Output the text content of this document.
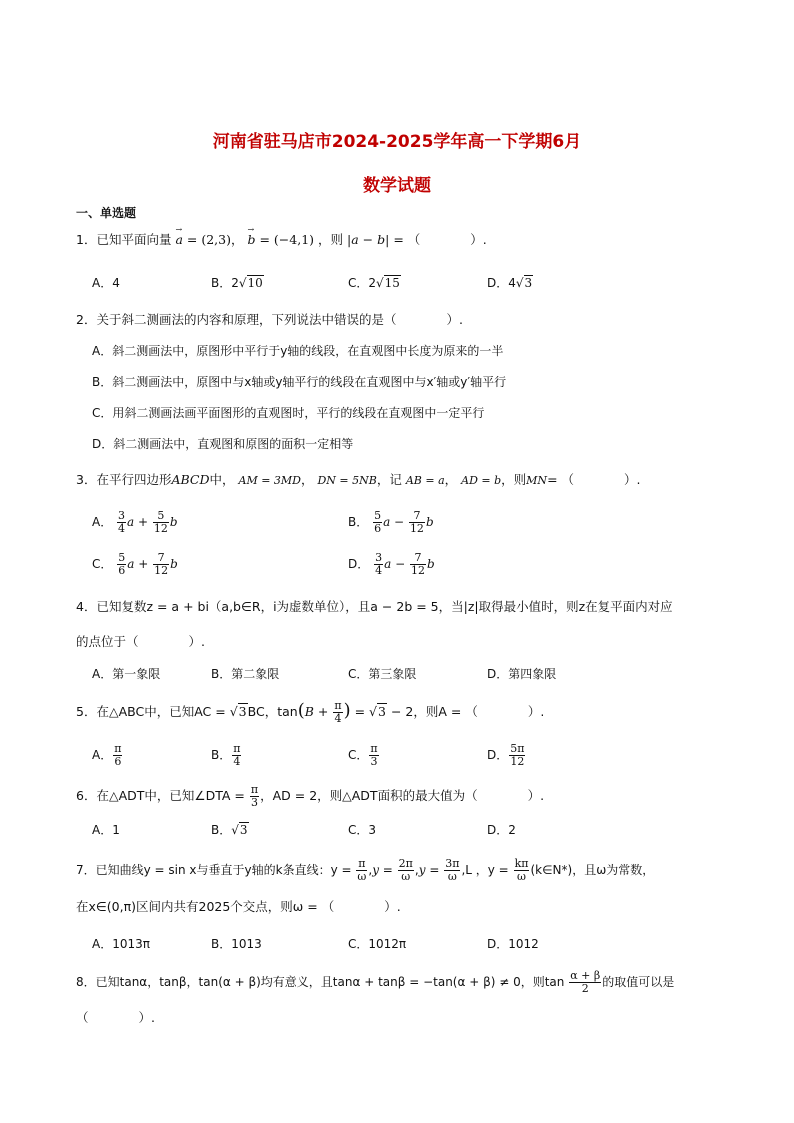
河南省驻马店市2024-2025学年高一下学期6月
数学试题
一、单选题
1．已知平面向量 → a = (2,3)， → b = (−4,1) ，则 |a − b| = （　　　　）.
A．4	B．2√10	C．2√15	D．4√3
2．关于斜二测画法的内容和原理，下列说法中错误的是（　　　　）.
A．斜二测画法中，原图形中平行于y轴的线段，在直观图中长度为原来的一半
B．斜二测画法中，原图中与x轴或y轴平行的线段在直观图中与x′轴或y′轴平行
C．用斜二测画法画平面图形的直观图时，平行的线段在直观图中一定平行
D．斜二测画法中，直观图和原图的面积一定相等
3．在平行四边形ABCD中， AM = 3MD， DN = 5NB，记 AB = a， AD = b，则MN= （　　　　）.
A． $\frac{3}{4}$ $a + \frac{5}{12}$ b	B． $\frac{5}{6}$ $a - \frac{7}{12}$ b
C． $\frac{5}{6}$ $a + \frac{7}{12}$ b	D． $\frac{3}{4}$ $a - \frac{7}{12}$ b
4．已知复数z = a + bi（a,b∈R，i为虚数单位），且a − 2b = 5，当|z|取得最小值时，则z在复平面内对应
的点位于（　　　　）.
A．第一象限	B．第二象限	C．第三象限	D．第四象限
5．在△ABC中，已知AC = √3BC，$\tan(B + \frac{\pi}{4}$ ) = √3 − 2，则A = （　　　　）.
A． $\frac{\pi}{6}$	B． $\frac{\pi}{4}$	C． $\frac{\pi}{3}$	D． $\frac{5\pi}{12}$
6．在△ADT中，已知∠DTA = $\frac{\pi}{3}$ ，AD = 2，则△ADT面积的最大值为（　　　　）.
A．1	B．√3	C．3	D．2
7．已知曲线y = sin x与垂直于y轴的k条直线：$y = \frac{\pi}{\omega} ,y = \frac{2\pi}{\omega} ,y = \frac{3\pi}{\omega} ,L$ ，$y = \frac{k\pi}{\omega}$ (k∈N*)，且ω为常数，
在x∈(0,π)区间内共有2025个交点，则ω = （　　　　）.
A．1013π	B．1013	C．1012π	D．1012
8．已知tanα，tanβ，tan(α + β)均有意义，且tanα + tanβ = −tan(α + β) ≠ 0，则$\tan \frac{\alpha + \beta}{2}$ 的取值可以是
（　　　　）.
